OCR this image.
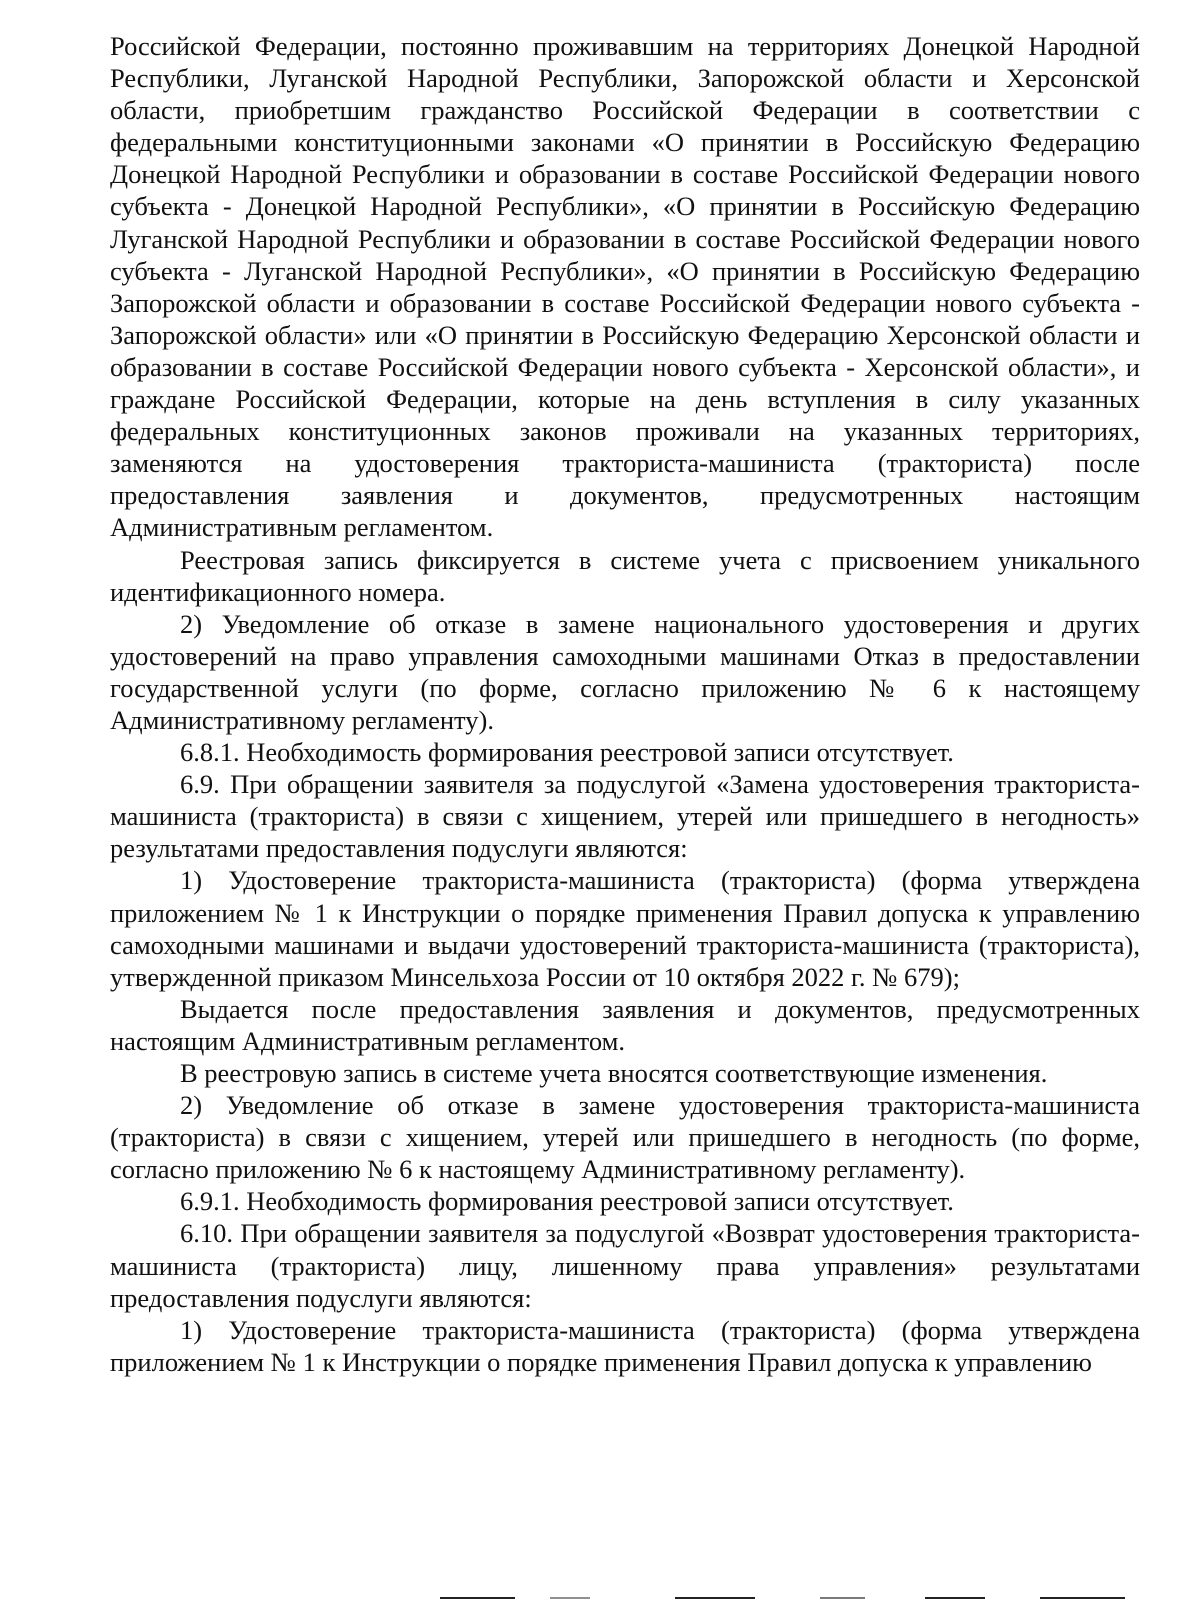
Российской Федерации, постоянно проживавшим на территориях Донецкой Народной Республики, Луганской Народной Республики, Запорожской области и Херсонской области, приобретшим гражданство Российской Федерации в соответствии с федеральными конституционными законами «О принятии в Российскую Федерацию Донецкой Народной Республики и образовании в составе Российской Федерации нового субъекта - Донецкой Народной Республики», «О принятии в Российскую Федерацию Луганской Народной Республики и образовании в составе Российской Федерации нового субъекта - Луганской Народной Республики», «О принятии в Российскую Федерацию Запорожской области и образовании в составе Российской Федерации нового субъекта - Запорожской области» или «О принятии в Российскую Федерацию Херсонской области и образовании в составе Российской Федерации нового субъекта - Херсонской области», и граждане Российской Федерации, которые на день вступления в силу указанных федеральных конституционных законов проживали на указанных территориях, заменяются на удостоверения тракториста-машиниста (тракториста) после предоставления заявления и документов, предусмотренных настоящим Административным регламентом.

Реестровая запись фиксируется в системе учета с присвоением уникального идентификационного номера.

2) Уведомление об отказе в замене национального удостоверения и других удостоверений на право управления самоходными машинами Отказ в предоставлении государственной услуги (по форме, согласно приложению № 6 к настоящему Административному регламенту).

6.8.1. Необходимость формирования реестровой записи отсутствует.

6.9. При обращении заявителя за подуслугой «Замена удостоверения тракториста-машиниста (тракториста) в связи с хищением, утерей или пришедшего в негодность» результатами предоставления подуслуги являются:

1) Удостоверение тракториста-машиниста (тракториста) (форма утверждена приложением № 1 к Инструкции о порядке применения Правил допуска к управлению самоходными машинами и выдачи удостоверений тракториста-машиниста (тракториста), утвержденной приказом Минсельхоза России от 10 октября 2022 г. № 679);

Выдается после предоставления заявления и документов, предусмотренных настоящим Административным регламентом.

В реестровую запись в системе учета вносятся соответствующие изменения.

2) Уведомление об отказе в замене удостоверения тракториста-машиниста (тракториста) в связи с хищением, утерей или пришедшего в негодность (по форме, согласно приложению № 6 к настоящему Административному регламенту).

6.9.1. Необходимость формирования реестровой записи отсутствует.

6.10. При обращении заявителя за подуслугой «Возврат удостоверения тракториста-машиниста (тракториста) лицу, лишенному права управления» результатами предоставления подуслуги являются:

1) Удостоверение тракториста-машиниста (тракториста) (форма утверждена приложением № 1 к Инструкции о порядке применения Правил допуска к управлению
